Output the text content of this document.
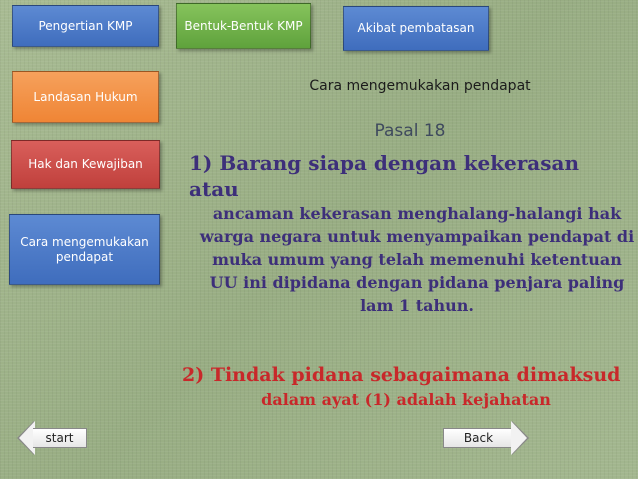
Pengertian KMP	Bentuk-Bentuk KMP	Akibat pembatasan
Landasan Hukum
Hak dan Kewajiban
Cara mengemukakan pendapat
Cara mengemukakan pendapat
Pasal 18
1) Barang siapa dengan kekerasan atau
ancaman kekerasan menghalang-halangi hak warga negara untuk menyampaikan pendapat di muka umum yang telah memenuhi ketentuan UU ini dipidana dengan pidana penjara paling lam 1 tahun.
2) Tindak pidana sebagaimana dimaksud
dalam ayat (1) adalah kejahatan
start	Back
